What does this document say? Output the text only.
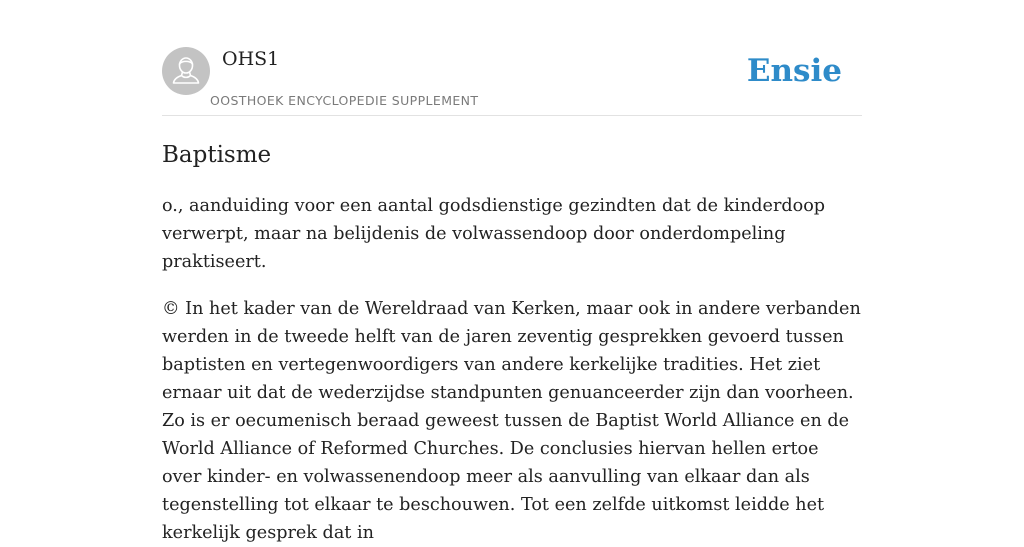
OHS1
OOSTHOEK ENCYCLOPEDIE SUPPLEMENT
Ensie
Baptisme

o., aanduiding voor een aantal godsdienstige gezindten dat de kinderdoop verwerpt, maar na belijdenis de volwassendoop door onderdompeling praktiseert.

© In het kader van de Wereldraad van Kerken, maar ook in andere verbanden werden in de tweede helft van de jaren zeventig gesprekken gevoerd tussen baptisten en vertegenwoordigers van andere kerkelijke tradities. Het ziet ernaar uit dat de wederzijdse standpunten genuanceerder zijn dan voorheen. Zo is er oecumenisch beraad geweest tussen de Baptist World Alliance en de World Alliance of Reformed Churches. De conclusies hiervan hellen ertoe over kinder- en volwassenendoop meer als aanvulling van elkaar dan als tegenstelling tot elkaar te beschouwen. Tot een zelfde uitkomst leidde het kerkelijk gesprek dat in
